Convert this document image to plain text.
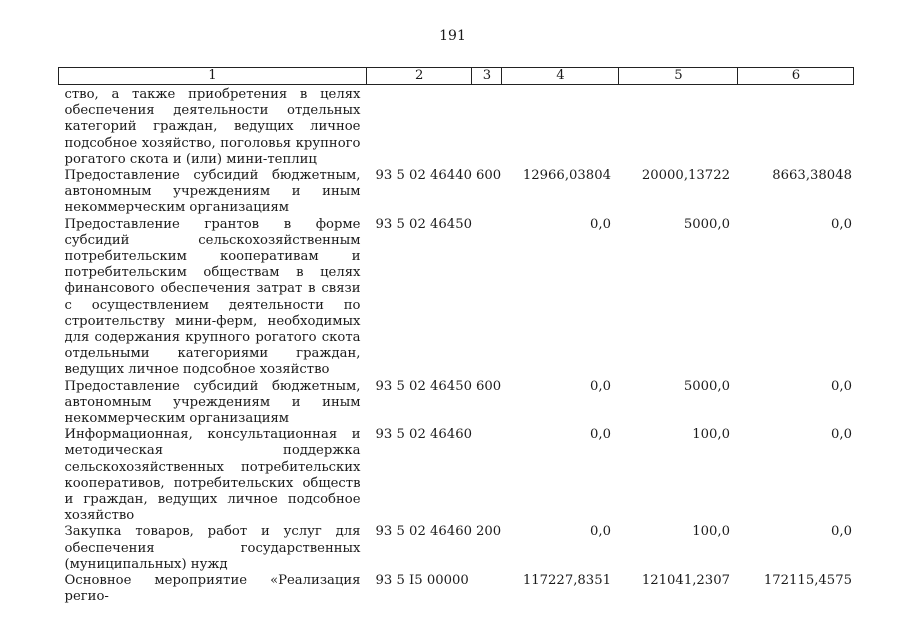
191
1	2	3	4	5	6

ство, а также приобретения в целях обеспечения деятельности отдельных категорий граждан, ведущих личное подсобное хозяйство, поголовья крупного рогатого скота и (или) мини-теплиц					
Предоставление субсидий бюджетным, автономным учреждениям и иным некоммерческим организациям	93 5 02 46440	600	12966,03804	20000,13722	8663,38048
Предоставление грантов в форме субсидий сельскохозяйственным потребительским кооперативам и потребительским обществам в целях финансового обеспечения затрат в связи с осуществлением деятельности по строительству мини-ферм, необходимых для содержания крупного рогатого скота отдельными категориями граждан, ведущих личное подсобное хозяйство	93 5 02 46450		0,0	5000,0	0,0
Предоставление субсидий бюджетным, автономным учреждениям и иным некоммерческим организациям	93 5 02 46450	600	0,0	5000,0	0,0
Информационная, консультационная и методическая поддержка сельскохозяйственных потребительских кооперативов, потребительских обществ и граждан, ведущих личное подсобное хозяйство	93 5 02 46460		0,0	100,0	0,0
Закупка товаров, работ и услуг для обеспечения государственных (муниципальных) нужд	93 5 02 46460	200	0,0	100,0	0,0
Основное мероприятие «Реализация регио-	93 5 I5 00000		117227,8351	121041,2307	172115,4575
